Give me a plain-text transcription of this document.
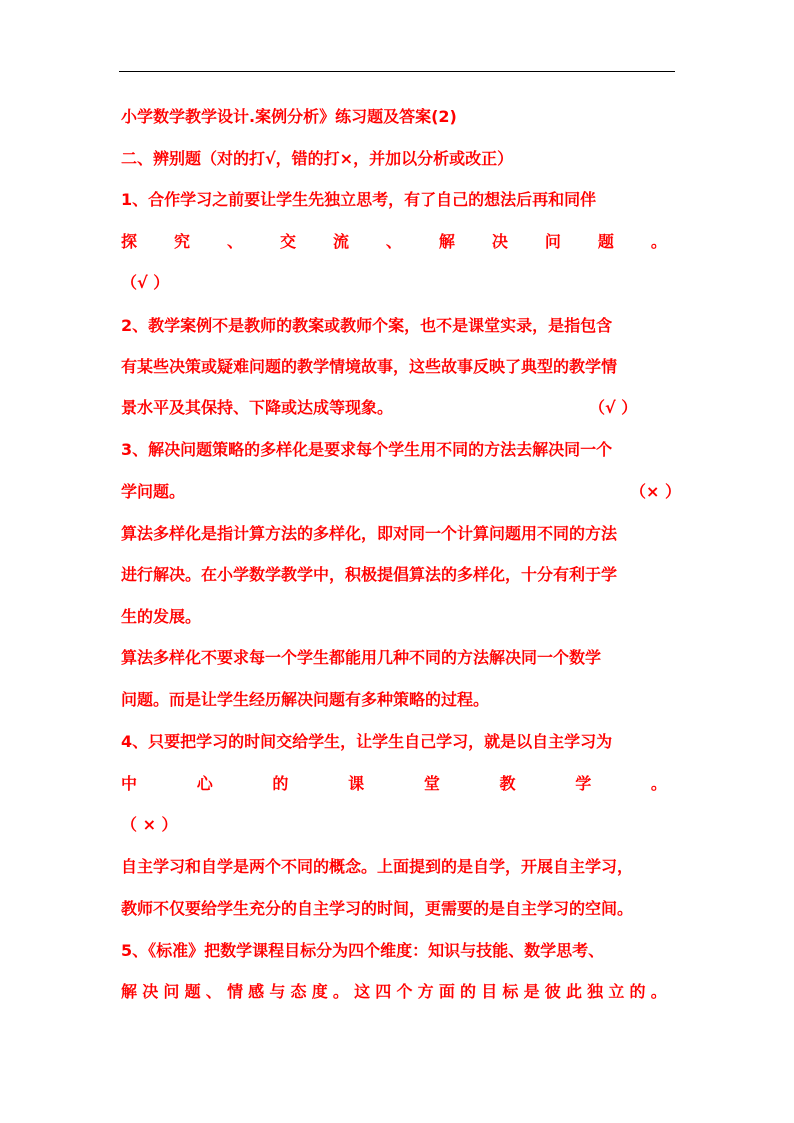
小学数学教学设计.案例分析》练习题及答案(2)
二、辨别题（对的打√，错的打×，并加以分析或改正）
1、合作学习之前要让学生先独立思考，有了自己的想法后再和同伴
探 究 、 交 流 、 解 决 问 题 。
（√ ）
2、教学案例不是教师的教案或教师个案，也不是课堂实录，是指包含
有某些决策或疑难问题的教学情境故事，这些故事反映了典型的教学情
景水平及其保持、下降或达成等现象。	（√ ）
3、解决问题策略的多样化是要求每个学生用不同的方法去解决同一个
学问题。	（× ）
算法多样化是指计算方法的多样化，即对同一个计算问题用不同的方法
进行解决。在小学数学教学中，积极提倡算法的多样化，十分有利于学
生的发展。
算法多样化不要求每一个学生都能用几种不同的方法解决同一个数学
问题。而是让学生经历解决问题有多种策略的过程。
4、只要把学习的时间交给学生，让学生自己学习，就是以自主学习为
中	心	的	课	堂	教	学	。
（ × ）
自主学习和自学是两个不同的概念。上面提到的是自学，开展自主学习，
教师不仅要给学生充分的自主学习的时间，更需要的是自主学习的空间。
5、《标准》把数学课程目标分为四个维度：知识与技能、数学思考、
解 决 问 题 、 情 感 与 态 度 。 这 四 个 方 面 的 目 标 是 彼 此 独 立 的 。
